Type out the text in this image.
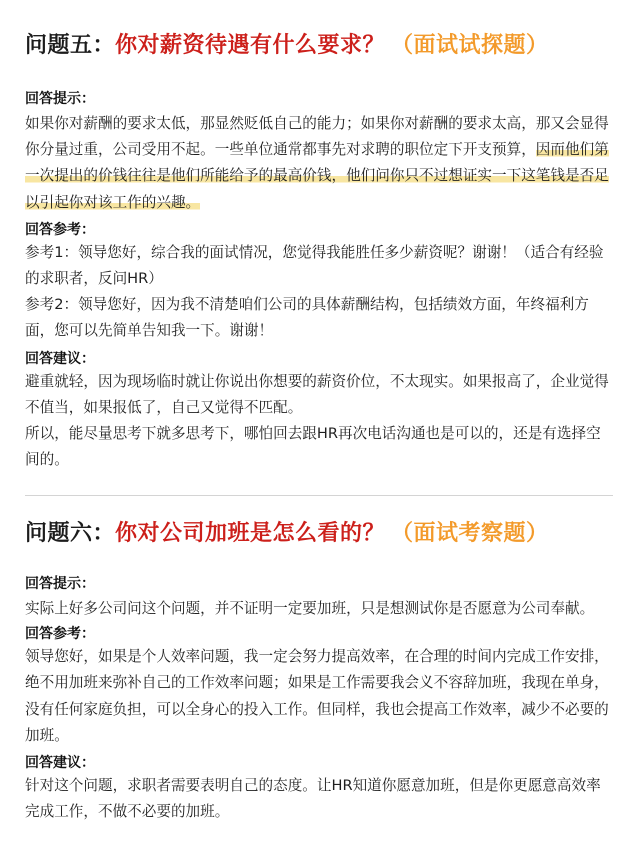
问题五：你对薪资待遇有什么要求？ （面试试探题）
回答提示：

如果你对薪酬的要求太低，那显然贬低自己的能力；如果你对薪酬的要求太高，那又会显得你分量过重，公司受用不起。一些单位通常都事先对求聘的职位定下开支预算，因而他们第一次提出的价钱往往是他们所能给予的最高价钱，他们问你只不过想证实一下这笔钱是否足以引起你对该工作的兴趣。

回答参考：

参考1：领导您好，综合我的面试情况，您觉得我能胜任多少薪资呢？谢谢！（适合有经验的求职者，反问HR）

参考2：领导您好，因为我不清楚咱们公司的具体薪酬结构，包括绩效方面，年终福利方面，您可以先简单告知我一下。谢谢！

回答建议：

避重就轻，因为现场临时就让你说出你想要的薪资价位，不太现实。如果报高了，企业觉得不值当，如果报低了，自己又觉得不匹配。

所以，能尽量思考下就多思考下，哪怕回去跟HR再次电话沟通也是可以的，还是有选择空间的。

问题六：你对公司加班是怎么看的？ （面试考察题）
回答提示：

实际上好多公司问这个问题，并不证明一定要加班，只是想测试你是否愿意为公司奉献。

回答参考：

领导您好，如果是个人效率问题，我一定会努力提高效率，在合理的时间内完成工作安排，绝不用加班来弥补自己的工作效率问题；如果是工作需要我会义不容辞加班，我现在单身，没有任何家庭负担，可以全身心的投入工作。但同样，我也会提高工作效率，减少不必要的加班。

回答建议：

针对这个问题，求职者需要表明自己的态度。让HR知道你愿意加班，但是你更愿意高效率完成工作，不做不必要的加班。
